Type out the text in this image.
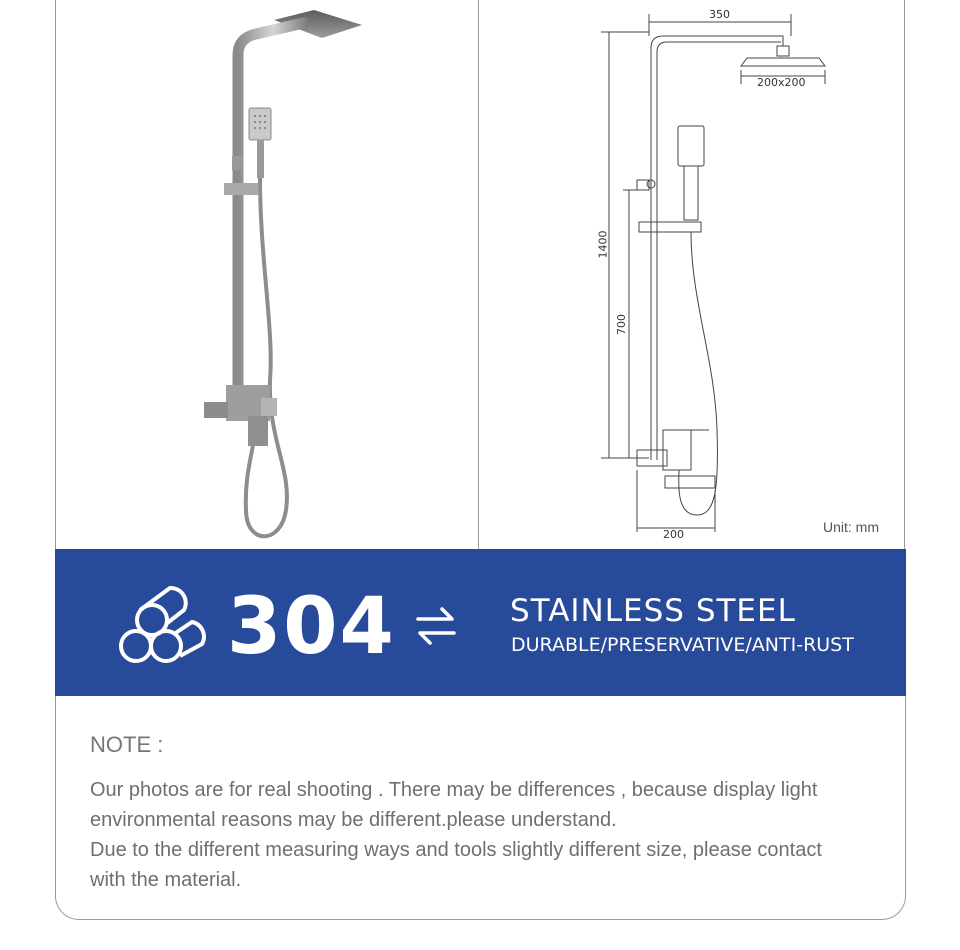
350
200x200
1400
700
200	Unit: mm
304	STAINLESS STEEL
DURABLE/PRESERVATIVE/ANTI-RUST
NOTE :
Our photos are for real shooting . There may be differences , because display light
environmental reasons may be different.please understand.
Due to the different measuring ways and tools slightly different size, please contact
with the material.
